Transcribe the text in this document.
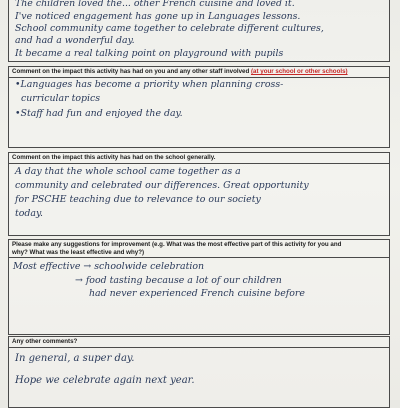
The children loved the... other French cuisine and loved it.
I've noticed engagement has gone up in Languages lessons.
School community came together to celebrate different cultures,
and had a wonderful day.
It became a real talking point on playground with pupils
Comment on the impact this activity has had on you and any other staff involved (at your school or other schools)
•Languages has become a priority when planning cross-
curricular topics
•Staff had fun and enjoyed the day.
Comment on the impact this activity has had on the school generally.
A day that the whole school came together as a
community and celebrated our differences. Great opportunity
for PSCHE teaching due to relevance to our society
today.
Please make any suggestions for improvement (e.g. What was the most effective part of this activity for you and
why? What was the least effective and why?)
Most effective → schoolwide celebration
→ food tasting because a lot of our children
had never experienced French cuisine before
Any other comments?
In general, a super day.
Hope we celebrate again next year.
